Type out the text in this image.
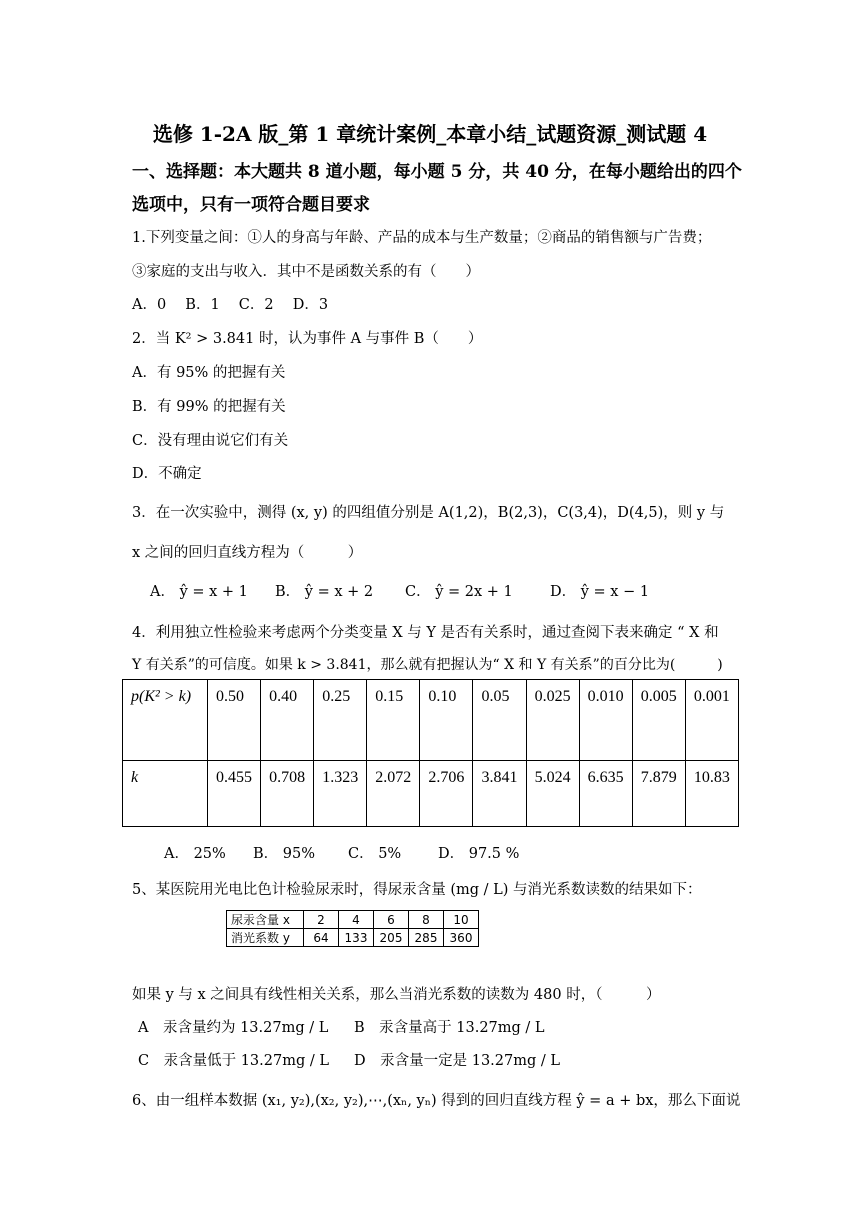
选修 1-2A 版_第 1 章统计案例_本章小结_试题资源_测试题 4
一、选择题：本大题共 8 道小题，每小题 5 分，共 40 分，在每小题给出的四个
选项中，只有一项符合题目要求
1.下列变量之间：①人的身高与年龄、产品的成本与生产数量；②商品的销售额与广告费；
③家庭的支出与收入．其中不是函数关系的有（　　）
A．0　 B．1　 C．2　 D．3
2．当 K² > 3.841 时，认为事件 A 与事件 B（　　）
A．有 95% 的把握有关
B．有 99% 的把握有关
C．没有理由说它们有关
D．不确定
3．在一次实验中，测得 (x, y) 的四组值分别是 A(1,2)，B(2,3)，C(3,4)，D(4,5)，则 y 与
x 之间的回归直线方程为（　　　）
A． ŷ = x + 1 B． ŷ = x + 2 C． ŷ = 2x + 1	D． ŷ = x − 1
4．利用独立性检验来考虑两个分类变量 X 与 Y 是否有关系时，通过查阅下表来确定 “ X 和
Y 有关系”的可信度。如果 k > 3.841，那么就有把握认为“ X 和 Y 有关系”的百分比为(　　　)
p(K² > k)	0.50	0.40	0.25	0.15	0.10	0.05	0.025	0.010	0.005	0.001
k	0.455	0.708	1.323	2.072	2.706	3.841	5.024	6.635	7.879	10.83
A． 25% B． 95% C． 5%	D． 97.5 %
5、某医院用光电比色计检验尿汞时，得尿汞含量 (mg / L) 与消光系数读数的结果如下：
尿汞含量 x	2	4	6	8	10
消光系数 y	64	133	205	285	360
如果 y 与 x 之间具有线性相关关系，那么当消光系数的读数为 480 时，（　　　）
A　汞含量约为 13.27mg / L B　汞含量高于 13.27mg / L
C　汞含量低于 13.27mg / L D　汞含量一定是 13.27mg / L
6、由一组样本数据 (x₁, y₂),(x₂, y₂),⋯,(xₙ, yₙ) 得到的回归直线方程 ŷ = a + bx，那么下面说
